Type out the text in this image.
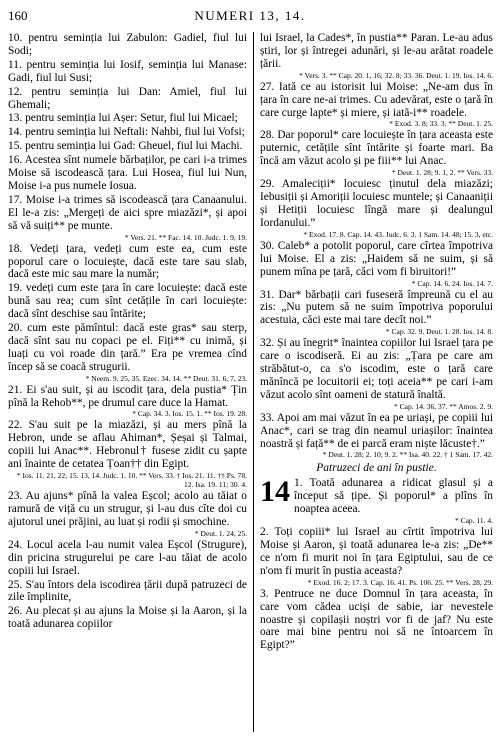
160	NUMERI 13, 14.
10. pentru seminția lui Zabulon: Gadiel, fiul lui Sodi;
11. pentru seminția lui Iosif, seminția lui Manase: Gadi, fiul lui Susi;
12. pentru seminția lui Dan: Amiel, fiul lui Ghemali;
13. pentru seminția lui Așer: Setur, fiul lui Micael;
14. pentru seminția lui Neftali: Nahbi, fiul lui Vofsi;
15. pentru seminția lui Gad: Gheuel, fiul lui Machi.
16. Acestea sînt numele bărbaților, pe cari i-a trimes Moise să iscodească țara. Lui Hosea, fiul lui Nun, Moise i-a pus numele Iosua.
17. Moise i-a trimes să iscodească țara Canaanului. El le-a zis: „Mergeți de aici spre miazăzi*, și apoi să vă suiți** pe munte.
* Vers. 21. ** Fac. 14. 10. Judc. 1. 9, 19.
18. Vedeți țara, vedeți cum este ea, cum este poporul care o locuiește, dacă este tare sau slab, dacă este mic sau mare la număr;
19. vedeți cum este țara în care locuiește: dacă este bună sau rea; cum sînt cetățile în cari locuiește: dacă sînt deschise sau întărite;
20. cum este pămîntul: dacă este gras* sau sterp, dacă sînt sau nu copaci pe el. Fiți** cu inimă, și luați cu voi roade din țară.” Era pe vremea cînd încep să se coacă strugurii.
* Neem. 9. 25, 35. Ezec. 34. 14. ** Deut. 31. 6, 7, 23.
21. Ei s'au suit, și au iscodit țara, dela pustia* Țin pînă la Rehob**, pe drumul care duce la Hamat.
* Cap. 34. 3. Ios. 15. 1. ** Ios. 19. 28.
22. S'au suit pe la miazăzi, și au mers pînă la Hebron, unde se aflau Ahiman*, Șeșai și Talmai, copiii lui Anac**. Hebronul† fusese zidit cu șapte ani înainte de cetatea Țoan†† din Egipt.
* Ios. 11. 21, 22; 15. 13, 14. Judc. 1. 10. ** Vers. 33. † Ios. 21. 11. †† Ps. 78. 12. Isa. 19. 11; 30. 4.
23. Au ajuns* pînă la valea Eșcol; acolo au tăiat o ramură de viță cu un strugur, și l-au dus cîte doi cu ajutorul unei prăjini, au luat și rodii și smochine.
* Deut. 1. 24, 25.
24. Locul acela l-au numit valea Eșcol (Strugure), din pricina strugurelui pe care l-au tăiat de acolo copiii lui Israel.
25. S'au întors dela iscodirea țării după patruzeci de zile împlinite,
26. Au plecat și au ajuns la Moise și la Aaron, și la toată adunarea copiilor
lui Israel, la Cades*, în pustia** Paran. Le-au adus știri, lor și întregei adunări, și le-au arătat roadele țării.
* Vers. 3. ** Cap. 20. 1, 16; 32. 8; 33. 36. Deut. 1. 19. Ios. 14. 6.
27. Iată ce au istorisit lui Moise: „Ne-am dus în țara în care ne-ai trimes. Cu adevărat, este o țară în care curge lapte* și miere, și iată-i** roadele.
* Exod. 3. 8; 33. 3. ** Deut. 1. 25.
28. Dar poporul* care locuiește în țara aceasta este puternic, cetățile sînt întărite și foarte mari. Ba încă am văzut acolo și pe fiii** lui Anac.
* Deut. 1. 28; 9. 1, 2. ** Vers. 33.
29. Amaleciții* locuiesc ținutul dela miazăzi; Iebusiții și Amoriții locuiesc muntele; și Canaaniții și Hetiții locuiesc lîngă mare și dealungul Iordanului.”
* Exod. 17. 8. Cap. 14. 43. Judc. 6. 3. 1 Sam. 14. 48; 15. 3, etc.
30. Caleb* a potolit poporul, care cîrtea împotriva lui Moise. El a zis: „Haidem să ne suim, și să punem mîna pe țară, căci vom fi biruitori!”
* Cap. 14. 6, 24. Ios. 14. 7.
31. Dar* bărbații cari fuseseră împreună cu el au zis: „Nu putem să ne suim împotriva poporului acestuia, căci este mai tare decît noi.”
* Cap. 32. 9. Deut. 1. 28. Ios. 14. 8.
32. Și au înegrit* înaintea copiilor lui Israel țara pe care o iscodiseră. Ei au zis: „Țara pe care am străbătut-o, ca s'o iscodim, este o țară care mănîncă pe locuitorii ei; toți aceia** pe cari i-am văzut acolo sînt oameni de statură înaltă.
* Cap. 14. 36, 37. ** Amos. 2. 9.
33. Apoi am mai văzut în ea pe uriași, pe copiii lui Anac*, cari se trag din neamul uriașilor: înaintea noastră și față** de ei parcă eram niște lăcuste†.”
* Deut. 1. 28; 2. 10; 9. 2. ** Isa. 40. 22. † 1 Sam. 17. 42.
Patruzeci de ani în pustie.
14 1. Toată adunarea a ridicat glasul și a început să țipe. Și poporul* a plîns în noaptea aceea.
* Cap. 11. 4.
2. Toți copiii* lui Israel au cîrtit împotriva lui Moise și Aaron, și toată adunarea le-a zis: „De** ce n'om fi murit noi în țara Egiptului, sau de ce n'om fi murit în pustia aceasta?
* Exod. 16. 2; 17. 3. Cap. 16. 41. Ps. 106. 25. ** Vers. 28, 29.
3. Pentruce ne duce Domnul în țara aceasta, în care vom cădea uciși de sabie, iar nevestele noastre și copilașii noștri vor fi de jaf? Nu este oare mai bine pentru noi să ne întoarcem în Egipt?”
